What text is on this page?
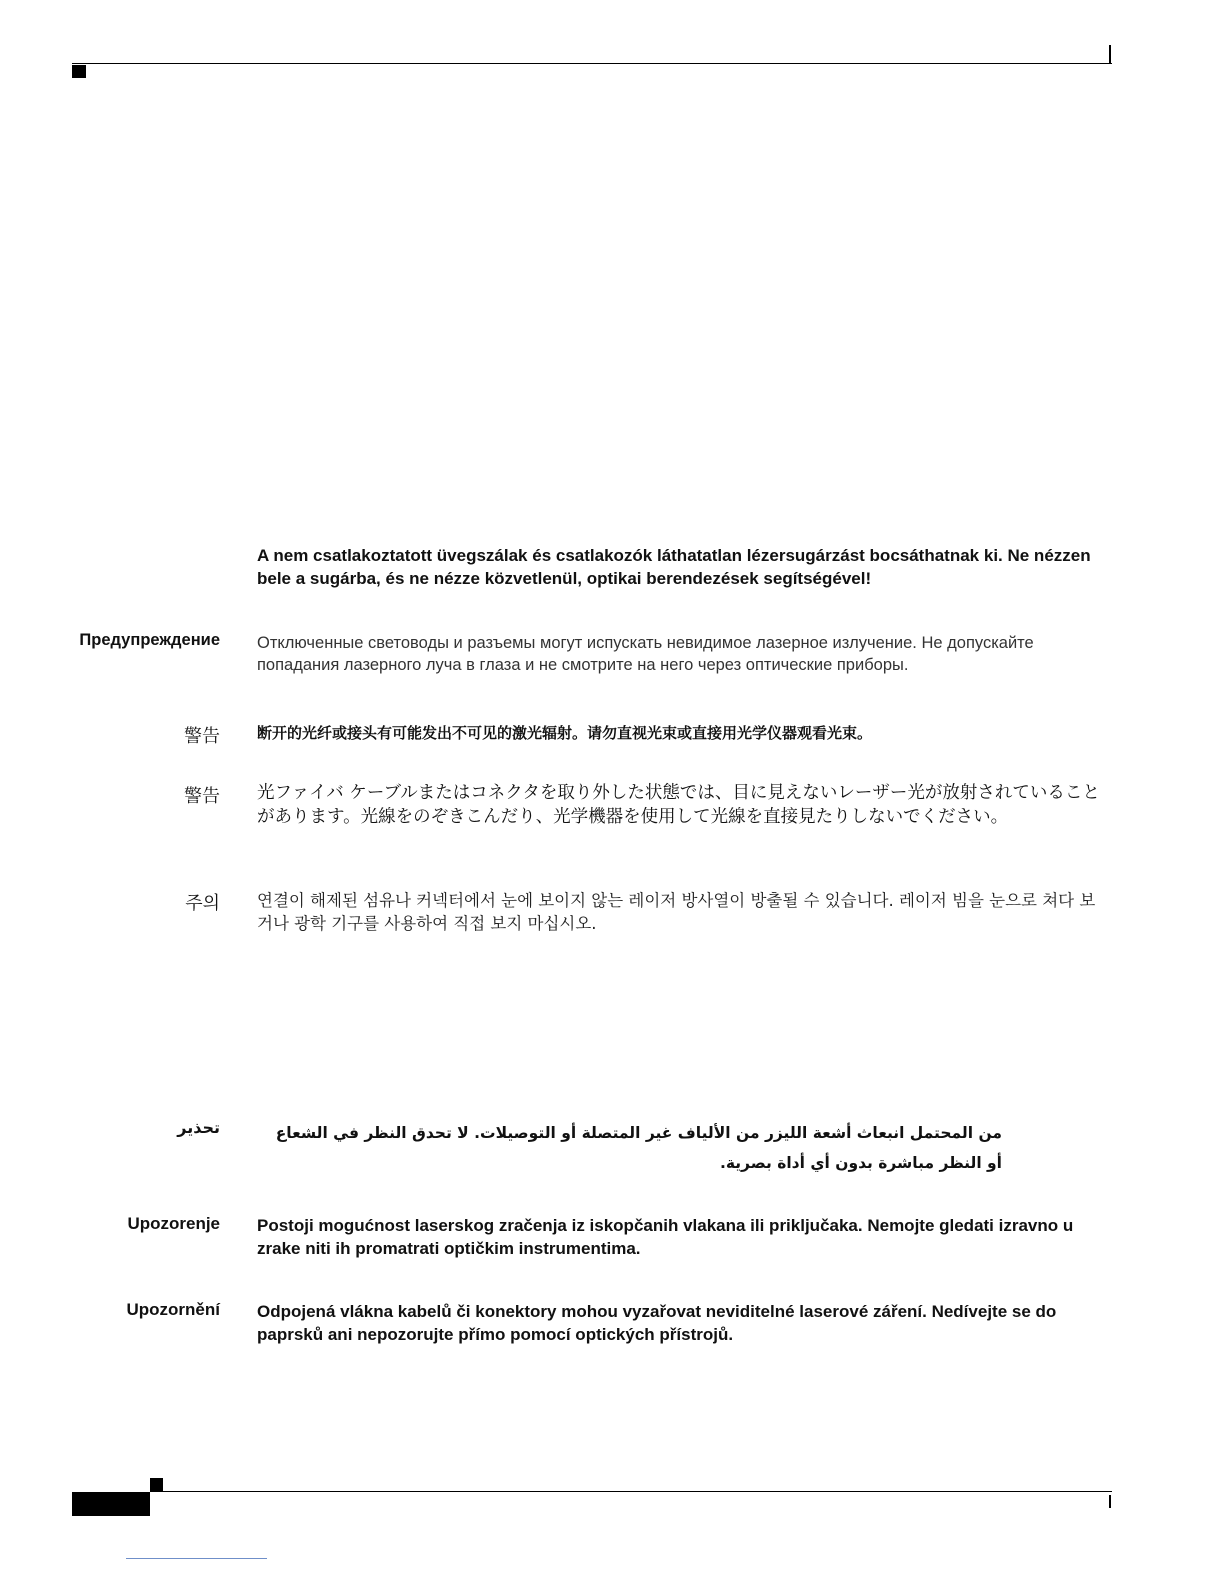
A nem csatlakoztatott üvegszálak és csatlakozók láthatatlan lézersugárzást bocsáthatnak ki. Ne nézzen bele a sugárba, és ne nézze közvetlenül, optikai berendezések segítségével!
Предупреждение Отключенные световоды и разъемы могут испускать невидимое лазерное излучение. Не допускайте попадания лазерного луча в глаза и не смотрите на него через оптические приборы.
警告 断开的光纤或接头有可能发出不可见的激光辐射。请勿直视光束或直接用光学仪器观看光束。
警告 光ファイバ ケーブルまたはコネクタを取り外した状態では、目に見えないレーザー光が放射されていることがあります。光線をのぞきこんだり、光学機器を使用して光線を直接見たりしないでください。
주의 연결이 해제된 섬유나 커넥터에서 눈에 보이지 않는 레이저 방사열이 방출될 수 있습니다. 레이저 빔을 눈으로 쳐다 보거나 광학 기구를 사용하여 직접 보지 마십시오.
تحذير	من المحتمل انبعاث أشعة الليزر من الألياف غير المتصلة أو التوصيلات. لا تحدق النظر في الشعاع أو النظر مباشرة بدون أي أداة بصرية.
Upozorenje Postoji mogućnost laserskog zračenja iz iskopčanih vlakana ili priključaka. Nemojte gledati izravno u zrake niti ih promatrati optičkim instrumentima.
Upozornění Odpojená vlákna kabelů či konektory mohou vyzařovat neviditelné laserové záření. Nedívejte se do paprsků ani nepozorujte přímo pomocí optických přístrojů.
